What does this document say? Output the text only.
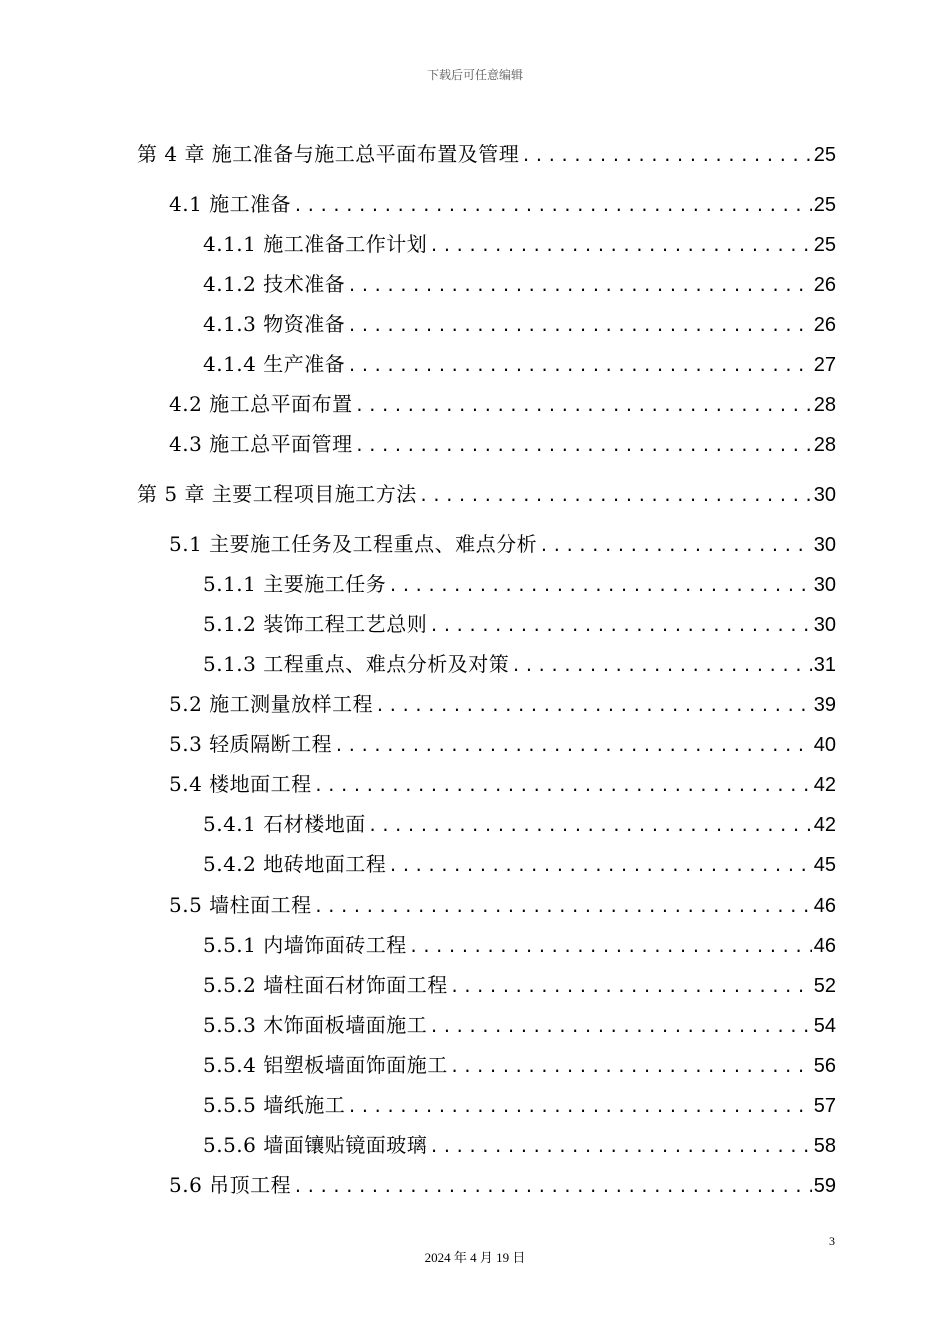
下载后可任意编辑
第 4 章 施工准备与施工总平面布置及管理 .....	25
4.1 施工准备 .....	25
4.1.1 施工准备工作计划 .....	25
4.1.2 技术准备 .....	26
4.1.3 物资准备 .....	26
4.1.4 生产准备 .....	27
4.2 施工总平面布置 .....	28
4.3 施工总平面管理 .....	28
第 5 章 主要工程项目施工方法 .....	30
5.1 主要施工任务及工程重点、难点分析 .....	30
5.1.1 主要施工任务 .....	30
5.1.2 装饰工程工艺总则 .....	30
5.1.3 工程重点、难点分析及对策 .....	31
5.2 施工测量放样工程 .....	39
5.3 轻质隔断工程 .....	40
5.4 楼地面工程 .....	42
5.4.1 石材楼地面 .....	42
5.4.2 地砖地面工程 .....	45
5.5 墙柱面工程 .....	46
5.5.1 内墙饰面砖工程 .....	46
5.5.2 墙柱面石材饰面工程 .....	52
5.5.3 木饰面板墙面施工 .....	54
5.5.4 铝塑板墙面饰面施工 .....	56
5.5.5 墙纸施工 .....	57
5.5.6 墙面镶贴镜面玻璃 .....	58
5.6 吊顶工程 .....	59
3
2024 年 4 月 19 日
